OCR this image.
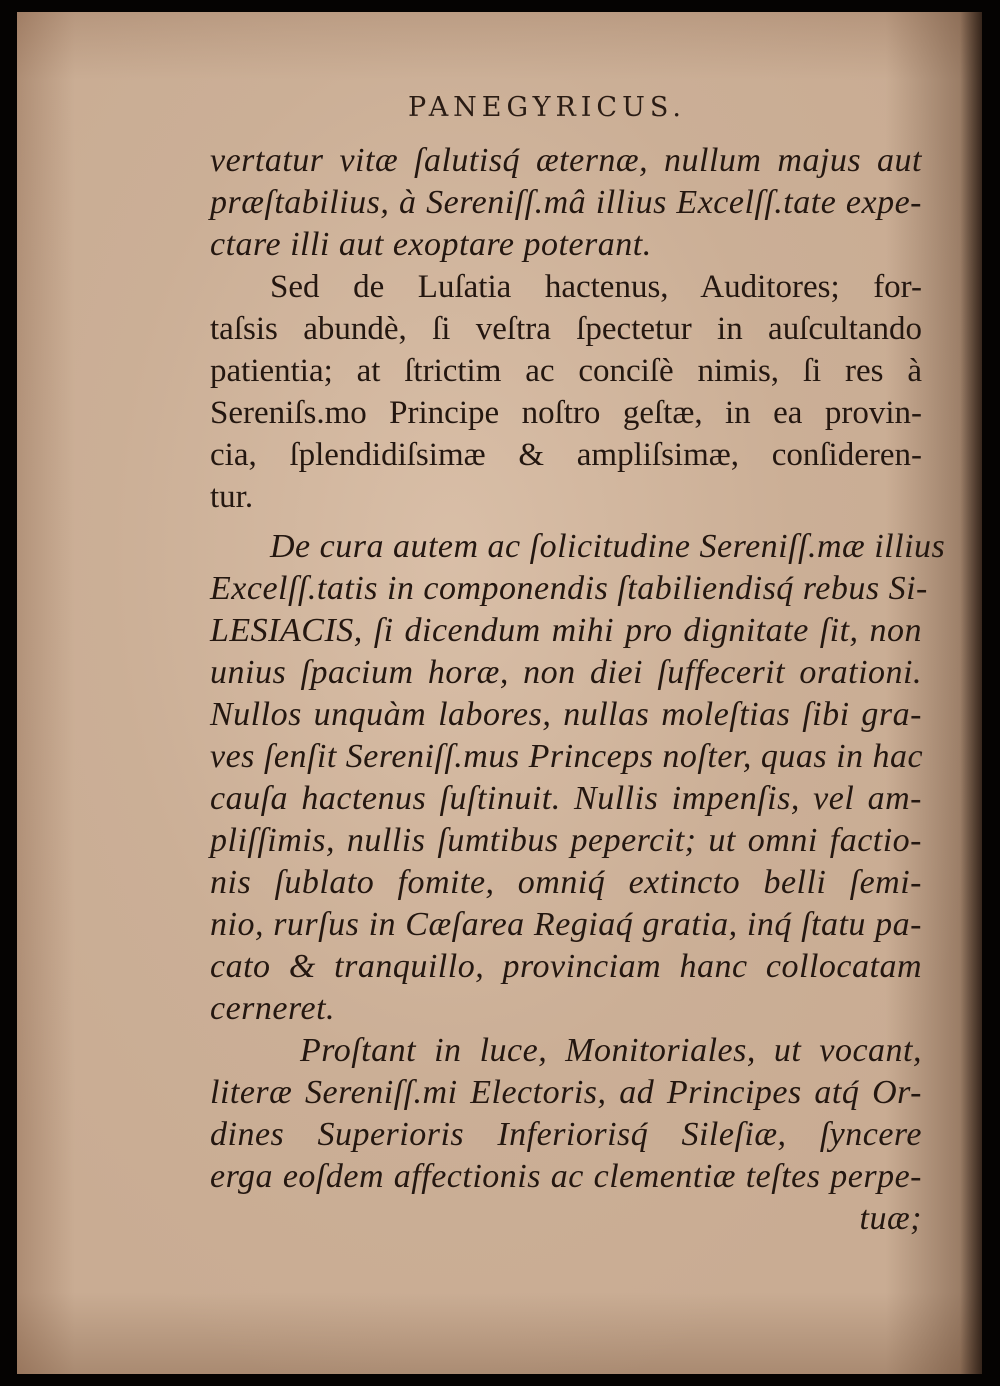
PANEGYRICUS.
vertatur vitæ ſalutisq́ æternæ, nullum majus aut
præſtabilius, à Sereniſſ.mâ illius Excelſſ.tate expe-
ctare illi aut exoptare poterant.
Sed de Luſatia hactenus, Auditores; for-
taſsis abundè, ſi veſtra ſpectetur in auſcultando
patientia; at ſtrictim ac conciſè nimis, ſi res à
Sereniſs.mo Principe noſtro geſtæ, in ea provin-
cia, ſplendidiſsimæ & ampliſsimæ, conſideren-
tur.
De cura autem ac ſolicitudine Sereniſſ.mæ illius
Excelſſ.tatis in componendis ſtabiliendisq́ rebus Si-
LESIACIS, ſi dicendum mihi pro dignitate ſit, non
unius ſpacium horæ, non diei ſuffecerit orationi.
Nullos unquàm labores, nullas moleſtias ſibi gra-
ves ſenſit Sereniſſ.mus Princeps noſter, quas in hac
cauſa hactenus ſuſtinuit. Nullis impenſis, vel am-
pliſſimis, nullis ſumtibus pepercit; ut omni factio-
nis ſublato fomite, omniq́ extincto belli ſemi-
nio, rurſus in Cæſarea Regiaq́ gratia, inq́ ſtatu pa-
cato & tranquillo, provinciam hanc collocatam
cerneret.
Proſtant in luce, Monitoriales, ut vocant,
literæ Sereniſſ.mi Electoris, ad Principes atq́ Or-
dines Superioris Inferiorisq́ Sileſiæ, ſyncere
erga eoſdem affectionis ac clementiæ teſtes perpe-
tuæ;
